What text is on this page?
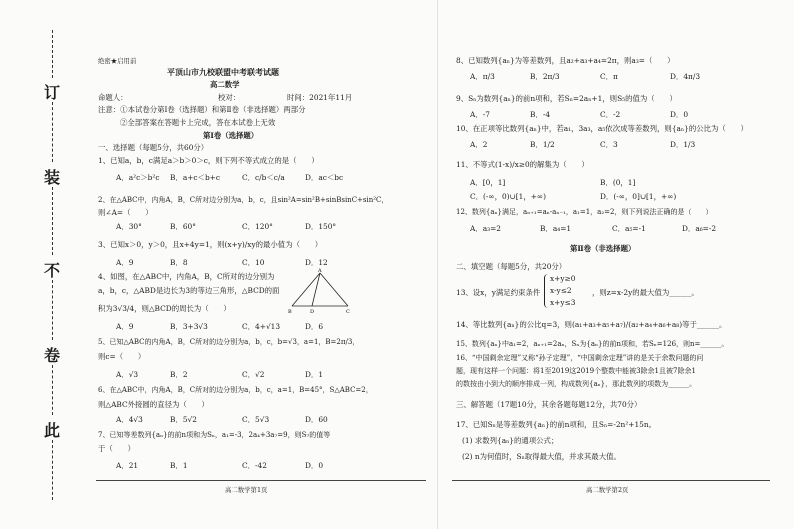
订
装
不
卷
此
绝密★启用前
平顶山市九校联盟中考联考试题
高二数学
命题人：	校对：	时间：2021年11月
注意：①本试卷分第Ⅰ卷（选择题）和第Ⅱ卷（非选择题）两部分
②全部答案在答题卡上完成，答在本试卷上无效
第Ⅰ卷（选择题）
一、选择题（每题5分，共60分）
1、已知a，b，c满足a＞b＞0＞c，则下列不等式成立的是（　　）
A．a²c＞b²c B．a+c＜b+c	C．c/b＜c/a	D．ac＜bc
2、在△ABC中，内角A，B，C所对边分别为a，b，c，且sin²A=sin²B+sinBsinC+sin²C，
则∠A=（　　）
A．30°	B．60°	C．120°	D．150°
3、已知x＞0，y＞0，且x+4y=1，则(x+y)/xy的最小值为（　　）
A．9	B．8	C．10	D．12
4、如图，在△ABC中，内角A，B，C所对的边分别为
a，b，c，△ABD是边长为3的等边三角形，△BCD的面
积为3√3/4，则△BCD的周长为（　　）
A．9	B．3+3√3	C．4+√13	D．6
A
B	C
D
5、已知△ABC的内角A，B，C所对的边分别为a，b，c，b=√3，a=1，B=2π/3，
则c=（　　）
A．√3	B．2	C．√2	D．1
6、在△ABC中，内角A，B，C所对的边分别为a，b，c，a=1，B=45°，S△ABC=2，
则△ABC外接圆的直径为（　　）
A．4√3	B．5√2	C．5√3	D．60
7、已知等差数列{aₙ}的前n项和为Sₙ，a₁=-3，2a₄+3a₇=9，则S₇的值等
于（　　）
A．21	B．1	C．-42	D．0
高二数学第1页
8、已知数列{aₙ}为等差数列，且a₂+a₃+a₄=2π，则a₃=（　　）
A．π/3	B．2π/3	C．π	D．4π/3
9、Sₙ为数列{aₙ}的前n项和，若Sₙ=2aₙ+1，则S₅的值为（　　）
A．-7	B．-4	C．-2	D．0
10、在正项等比数列{aₙ}中，若a₁，3a₃，a₅依次成等差数列，则{aₙ}的公比为（　　）
A．2	B．1/2	C．3	D．1/3
11、不等式(1-x)/x≥0的解集为（　　）
A．[0，1]	B．(0，1]
C．(-∞，0)∪[1，+∞)	D．(-∞，0]∪[1，+∞)
12、数列{aₙ}满足，aₙ₊₁=aₙ-aₙ₋₁，a₁=1，a₂=2，则下列说法正确的是（　　）
A．a₃=2	B．a₄=1	C．a₅=-1	D．a₆=-2
第Ⅱ卷（非选择题）
二、填空题（每题5分，共20分）
13、设x，y满足约束条件
x+y≥0
x-y≤2
x+y≤3
，则z=x-2y的最大值为______。
14、等比数列{aₙ}的公比q=3，则(a₁+a₃+a₅+a₇)/(a₂+a₄+a₆+a₈)等于______。
15、数列{aₙ}中a₁=2，aₙ₊₁=2aₙ，Sₙ为{aₙ}的前n项和，若Sₙ=126，则n=______。
16、“中国剩余定理”又称“孙子定理”，“中国剩余定理”讲的是关于余数问题的问
题，现有这样一个问题：将1至2019这2019个整数中能被3除余1且被7除余1
的数按由小到大的顺序排成一列，构成数列{aₙ}，那此数列的项数为______。
三、解答题（17题10分，其余各题每题12分，共70分）
17、已知Sₙ是等差数列{aₙ}的前n项和，且Sₙ=-2n²+15n。
(1) 求数列{aₙ}的通项公式；
(2) n为何值时，Sₙ取得最大值，并求其最大值。
高二数学第2页
